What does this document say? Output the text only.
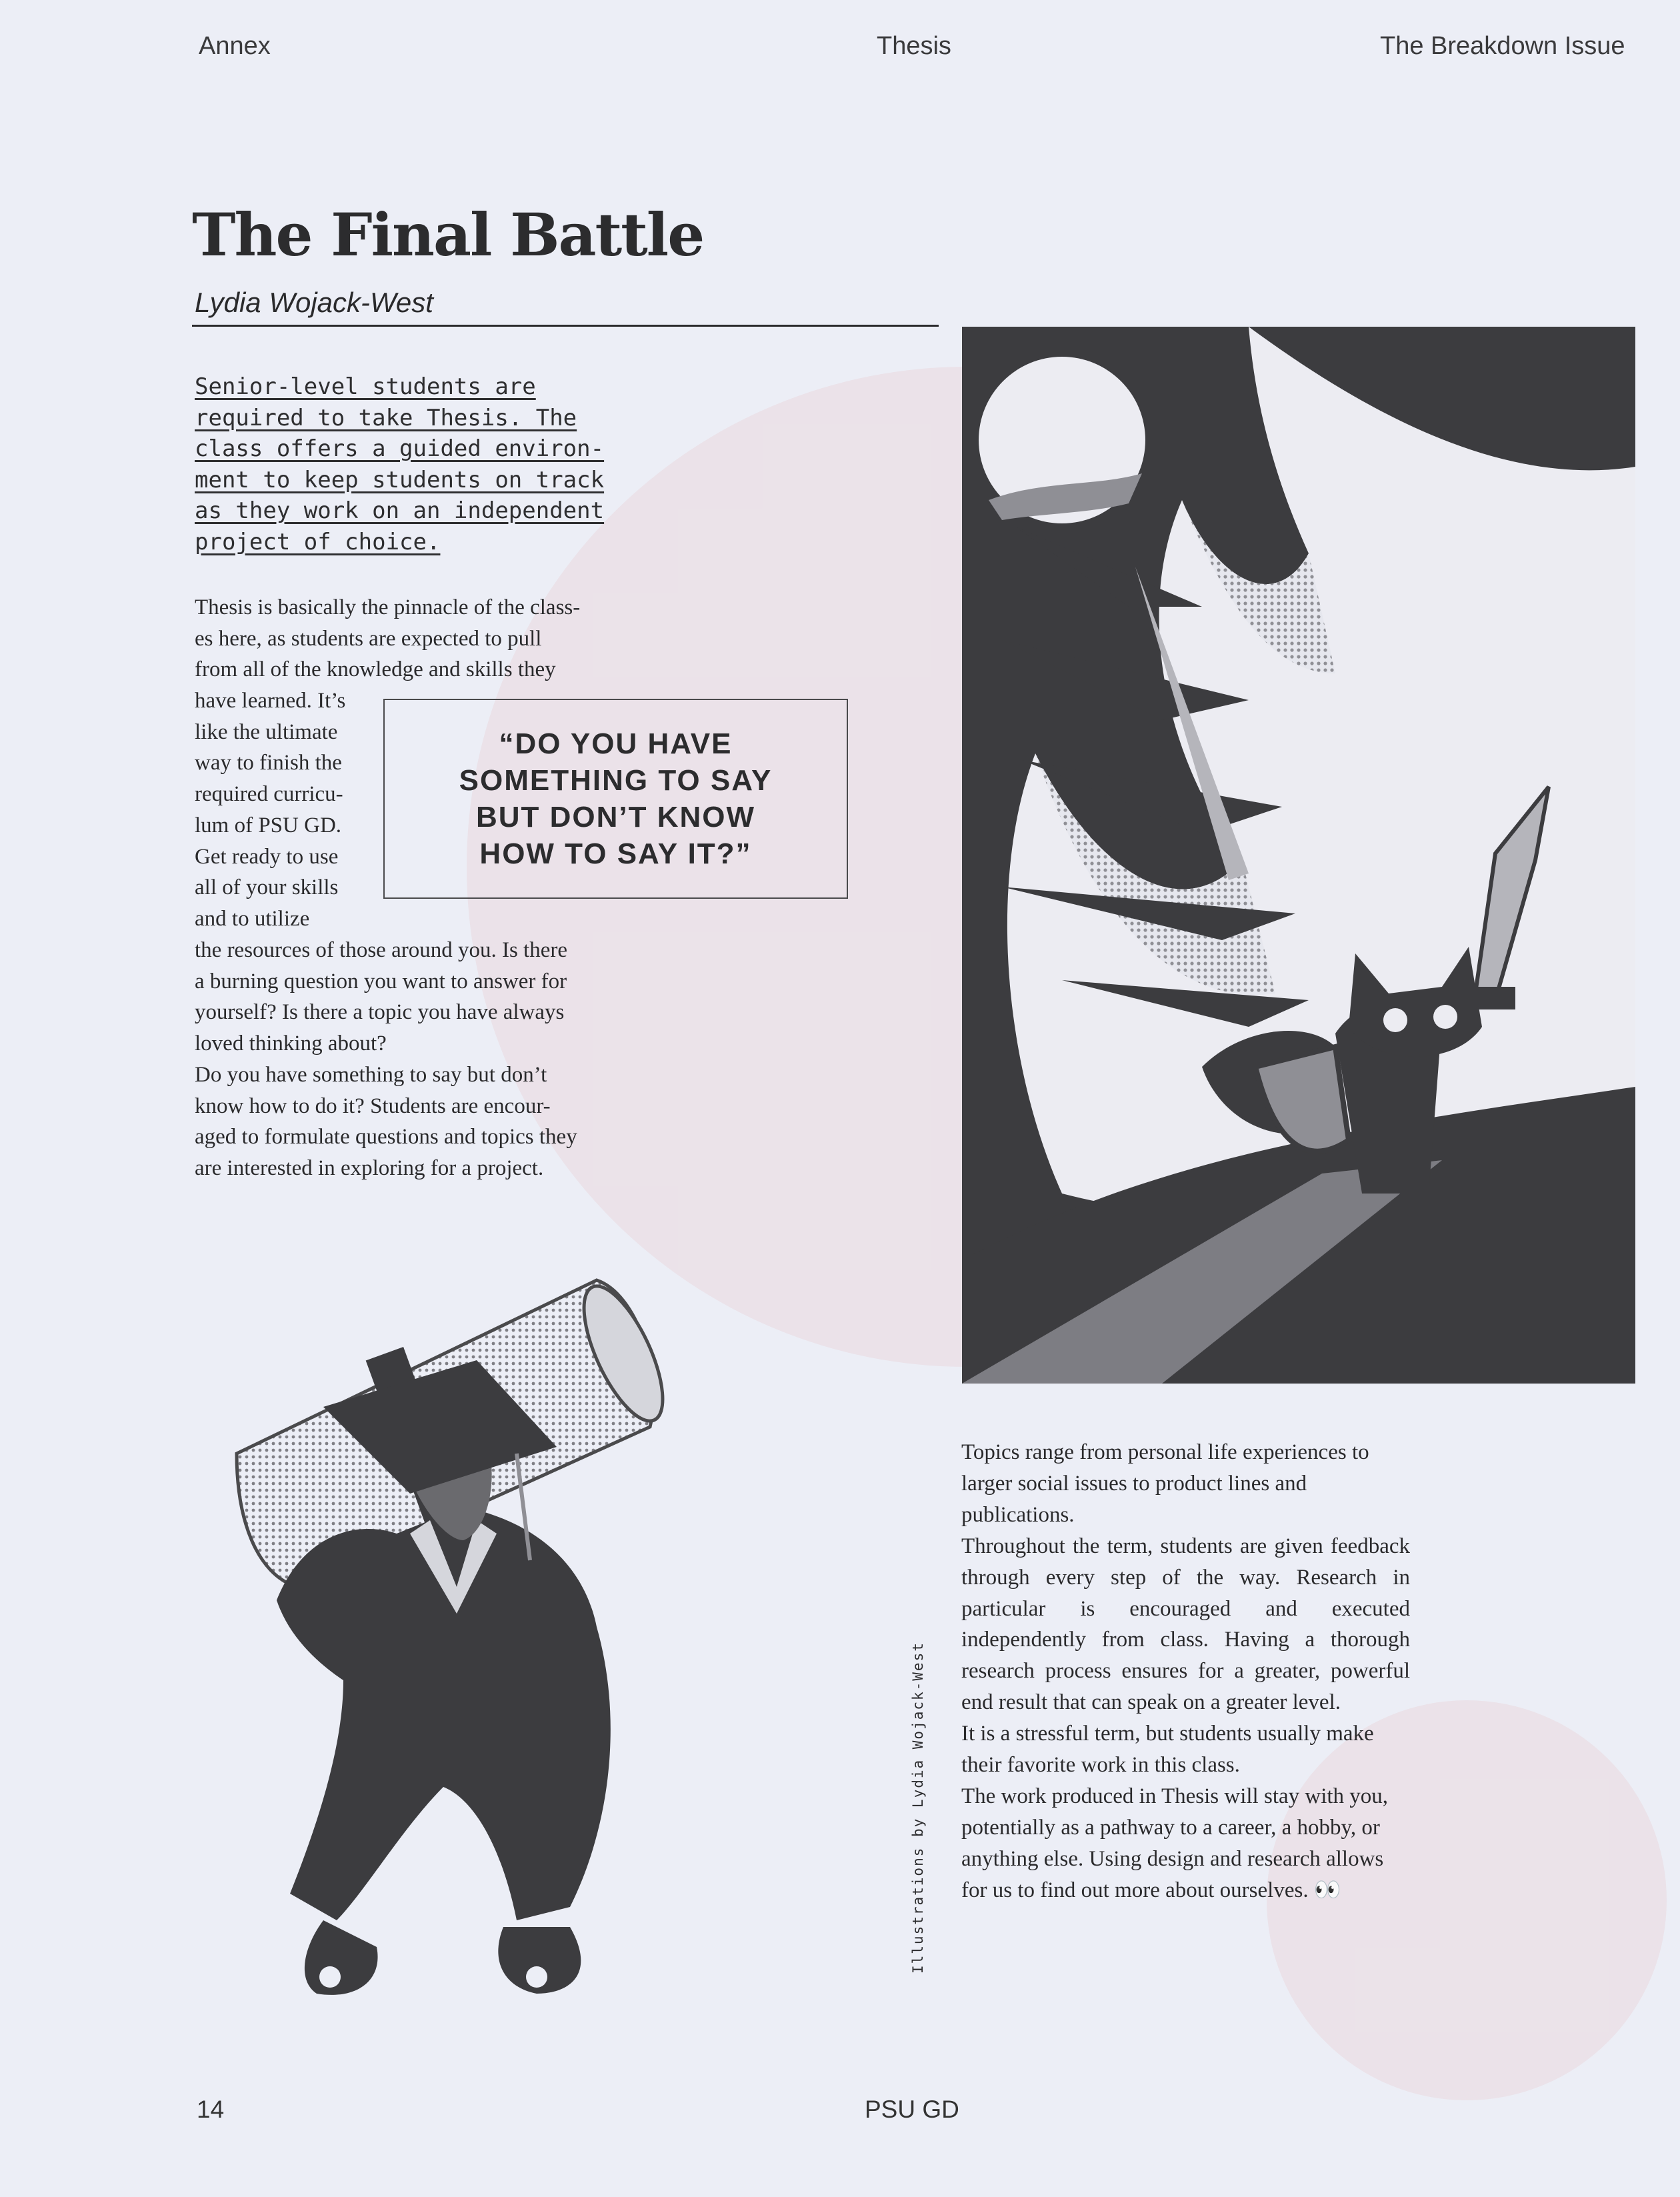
Annex	Thesis	The Breakdown Issue
The Final Battle
Lydia Wojack-West
Senior-level students are
required to take Thesis. The
class offers a guided environ-
ment to keep students on track
as they work on an independent
project of choice.
Thesis is basically the pinnacle of the class-
es here, as students are expected to pull
from all of the knowledge and skills they
have learned. It’s
like the ultimate
way to finish the
required curricu-
lum of PSU GD.
Get ready to use
all of your skills
and to utilize
the resources of those around you. Is there
a burning question you want to answer for
yourself? Is there a topic you have always
loved thinking about?
Do you have something to say but don’t
know how to do it? Students are encour-
aged to formulate questions and topics they
are interested in exploring for a project.
“DO YOU HAVE
SOMETHING TO SAY
BUT DON’T KNOW
HOW TO SAY IT?”

Topics range from personal life experiences to larger social issues to product lines and publications.

Throughout the term, students are given feedback through every step of the way. Research in particular is encouraged and executed independently from class. Having a thorough research process ensures for a greater, powerful end result that can speak on a greater level.

It is a stressful term, but students usually make their favorite work in this class.

The work produced in Thesis will stay with you, potentially as a pathway to a career, a hobby, or anything else. Using design and research allows for us to find out more about ourselves. 👀

Illustrations by Lydia Wojack-West
14	PSU GD
